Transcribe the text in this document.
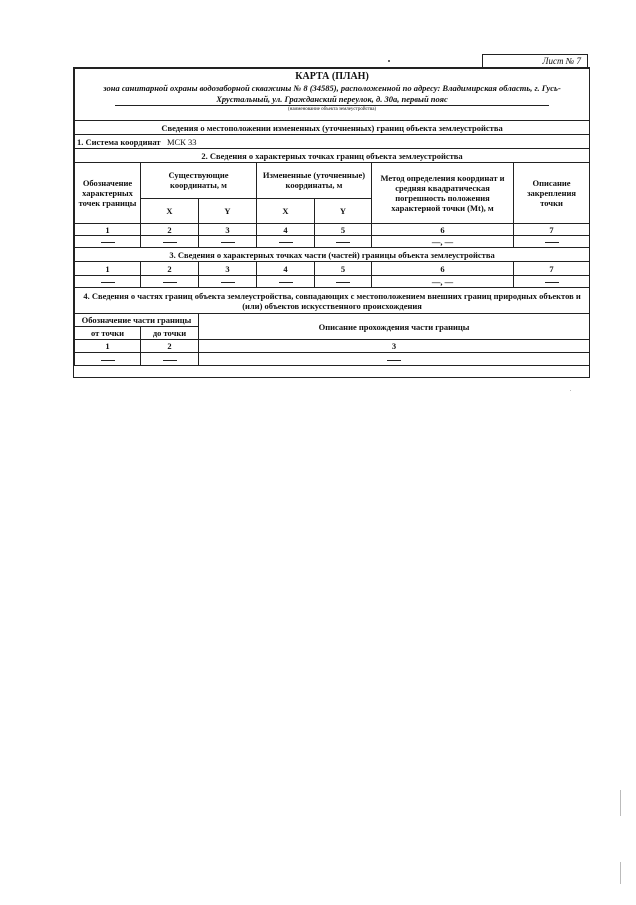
Лист № 7
КАРТА (ПЛАН)
зона санитарной охраны водозаборной скважины № 8 (34585), расположенной по адресу: Владимирская область, г. Гусь-Хрустальный, ул. Гражданский переулок, д. 30а, первый пояс
(наименование объекта землеустройства)						

Сведения о местоположении измененных (уточненных) границ объекта землеустройства						
1. Система координат МСК 33						
2. Сведения о характерных точках границ объекта землеустройства						
Обозначение характерных точек границы	Существующие координаты, м		Измененные (уточненные) координаты, м		Метод определения координат и средняя квадратическая погрешность положения характерной точки (Mt), м	Описание закрепления точки
	X	Y	X	Y		
1	2	3	4	5	6	7
					—, —	
3. Сведения о характерных точках части (частей) границы объекта землеустройства						
1	2	3	4	5	6	7
					—, —	
4. Сведения о частях границ объекта землеустройства, совпадающих с местоположением внешних границ природных объектов и (или) объектов искусственного происхождения						
Обозначение части границы		Описание прохождения части границы				
от точки	до точки					
1	2	3				
